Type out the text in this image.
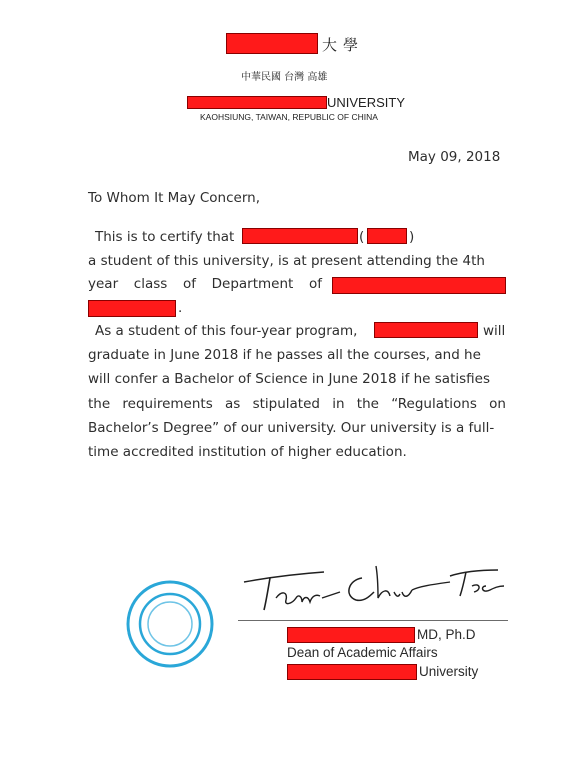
大學
中華民國 台灣 高雄
UNIVERSITY
KAOHSIUNG, TAIWAN, REPUBLIC OF CHINA
May 09, 2018
To Whom It May Concern,
This is to certify that	(	)
a student of this university, is at present attending the 4th
year class of Department of
.
As a student of this four-year program,	will
graduate in June 2018 if he passes all the courses, and he
will confer a Bachelor of Science in June 2018 if he satisfies
the requirements as stipulated in the “Regulations on
Bachelor’s Degree” of our university. Our university is a full-
time accredited institution of higher education.
MD, Ph.D
Dean of Academic Affairs
University
